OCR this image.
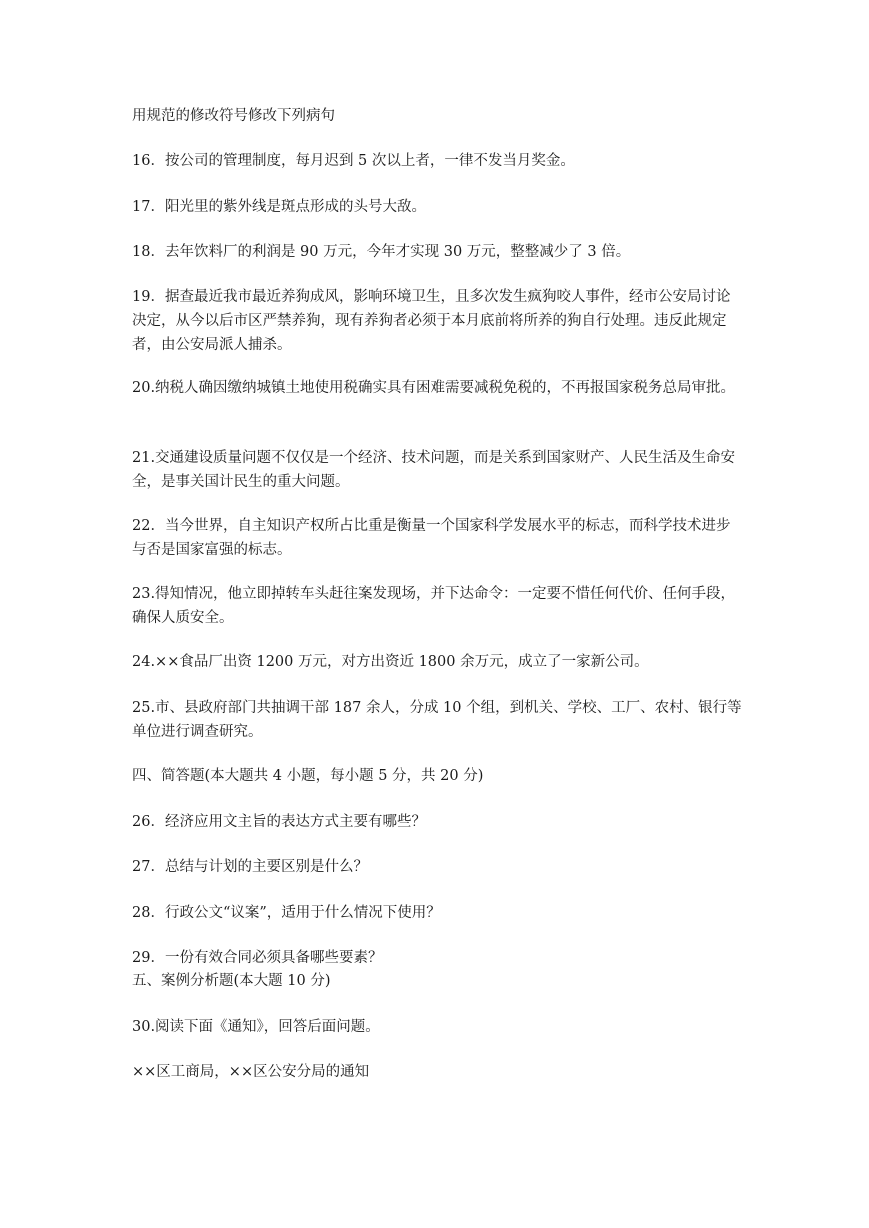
用规范的修改符号修改下列病句

16．按公司的管理制度，每月迟到 5 次以上者，一律不发当月奖金。

17．阳光里的紫外线是斑点形成的头号大敌。

18．去年饮料厂的利润是 90 万元，今年才实现 30 万元，整整减少了 3 倍。

19．据查最近我市最近养狗成风，影响环境卫生，且多次发生疯狗咬人事件，经市公安局讨论决定，从今以后市区严禁养狗，现有养狗者必须于本月底前将所养的狗自行处理。违反此规定者，由公安局派人捕杀。

20.纳税人确因缴纳城镇土地使用税确实具有困难需要减税免税的，不再报国家税务总局审批。

21.交通建设质量问题不仅仅是一个经济、技术问题，而是关系到国家财产、人民生活及生命安全，是事关国计民生的重大问题。

22．当今世界，自主知识产权所占比重是衡量一个国家科学发展水平的标志，而科学技术进步与否是国家富强的标志。

23.得知情况，他立即掉转车头赶往案发现场，并下达命令：一定要不惜任何代价、任何手段，确保人质安全。

24.××食品厂出资 1200 万元，对方出资近 1800 余万元，成立了一家新公司。

25.市、县政府部门共抽调干部 187 余人，分成 10 个组，到机关、学校、工厂、农村、银行等单位进行调查研究。

四、简答题(本大题共 4 小题，每小题 5 分，共 20 分)

26．经济应用文主旨的表达方式主要有哪些？

27．总结与计划的主要区别是什么？

28．行政公文“议案”，适用于什么情况下使用？

29．一份有效合同必须具备哪些要素？

五、案例分析题(本大题 10 分)

30.阅读下面《通知》，回答后面问题。

××区工商局，××区公安分局的通知
